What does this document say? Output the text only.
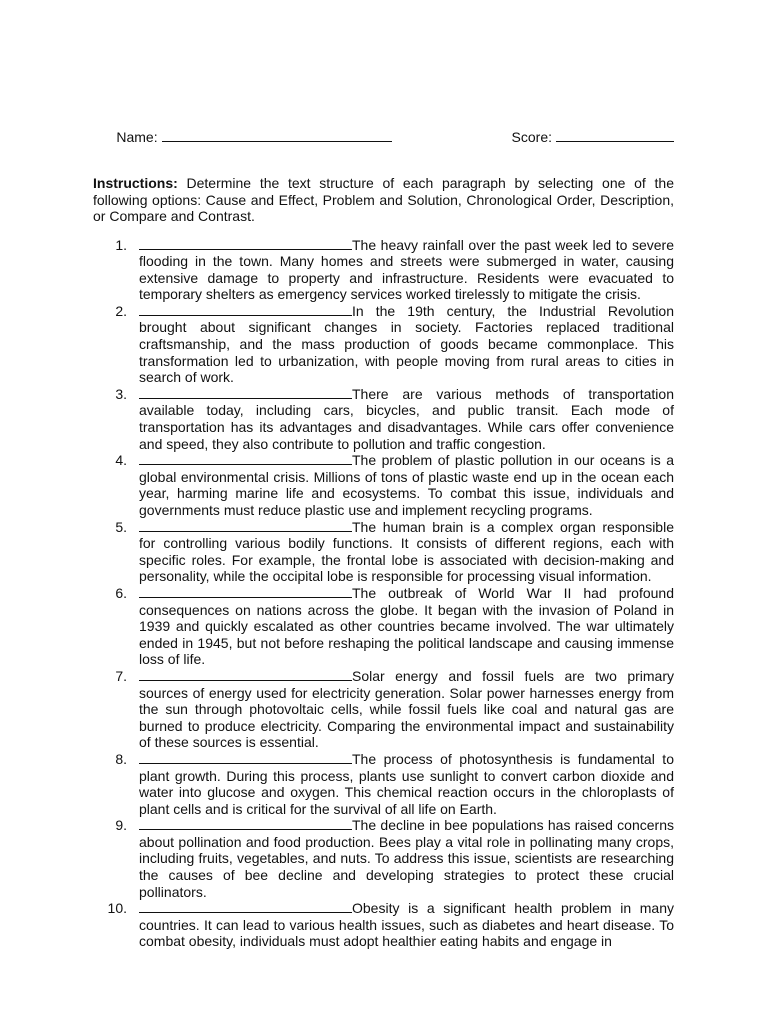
Name:
	Score:

Instructions: Determine the text structure of each paragraph by selecting one of the following options: Cause and Effect, Problem and Solution, Chronological Order, Description, or Compare and Contrast.

1.	The heavy rainfall over the past week led to severe flooding in the town. Many homes and streets were submerged in water, causing extensive damage to property and infrastructure. Residents were evacuated to temporary shelters as emergency services worked tirelessly to mitigate the crisis.
2.	In the 19th century, the Industrial Revolution brought about significant changes in society. Factories replaced traditional craftsmanship, and the mass production of goods became commonplace. This transformation led to urbanization, with people moving from rural areas to cities in search of work.
3.	There are various methods of transportation available today, including cars, bicycles, and public transit. Each mode of transportation has its advantages and disadvantages. While cars offer convenience and speed, they also contribute to pollution and traffic congestion.
4.	The problem of plastic pollution in our oceans is a global environmental crisis. Millions of tons of plastic waste end up in the ocean each year, harming marine life and ecosystems. To combat this issue, individuals and governments must reduce plastic use and implement recycling programs.
5.	The human brain is a complex organ responsible for controlling various bodily functions. It consists of different regions, each with specific roles. For example, the frontal lobe is associated with decision-making and personality, while the occipital lobe is responsible for processing visual information.
6.	The outbreak of World War II had profound consequences on nations across the globe. It began with the invasion of Poland in 1939 and quickly escalated as other countries became involved. The war ultimately ended in 1945, but not before reshaping the political landscape and causing immense loss of life.
7.	Solar energy and fossil fuels are two primary sources of energy used for electricity generation. Solar power harnesses energy from the sun through photovoltaic cells, while fossil fuels like coal and natural gas are burned to produce electricity. Comparing the environmental impact and sustainability of these sources is essential.
8.	The process of photosynthesis is fundamental to plant growth. During this process, plants use sunlight to convert carbon dioxide and water into glucose and oxygen. This chemical reaction occurs in the chloroplasts of plant cells and is critical for the survival of all life on Earth.
9.	The decline in bee populations has raised concerns about pollination and food production. Bees play a vital role in pollinating many crops, including fruits, vegetables, and nuts. To address this issue, scientists are researching the causes of bee decline and developing strategies to protect these crucial pollinators.
10.	Obesity is a significant health problem in many countries. It can lead to various health issues, such as diabetes and heart disease. To combat obesity, individuals must adopt healthier eating habits and engage in
